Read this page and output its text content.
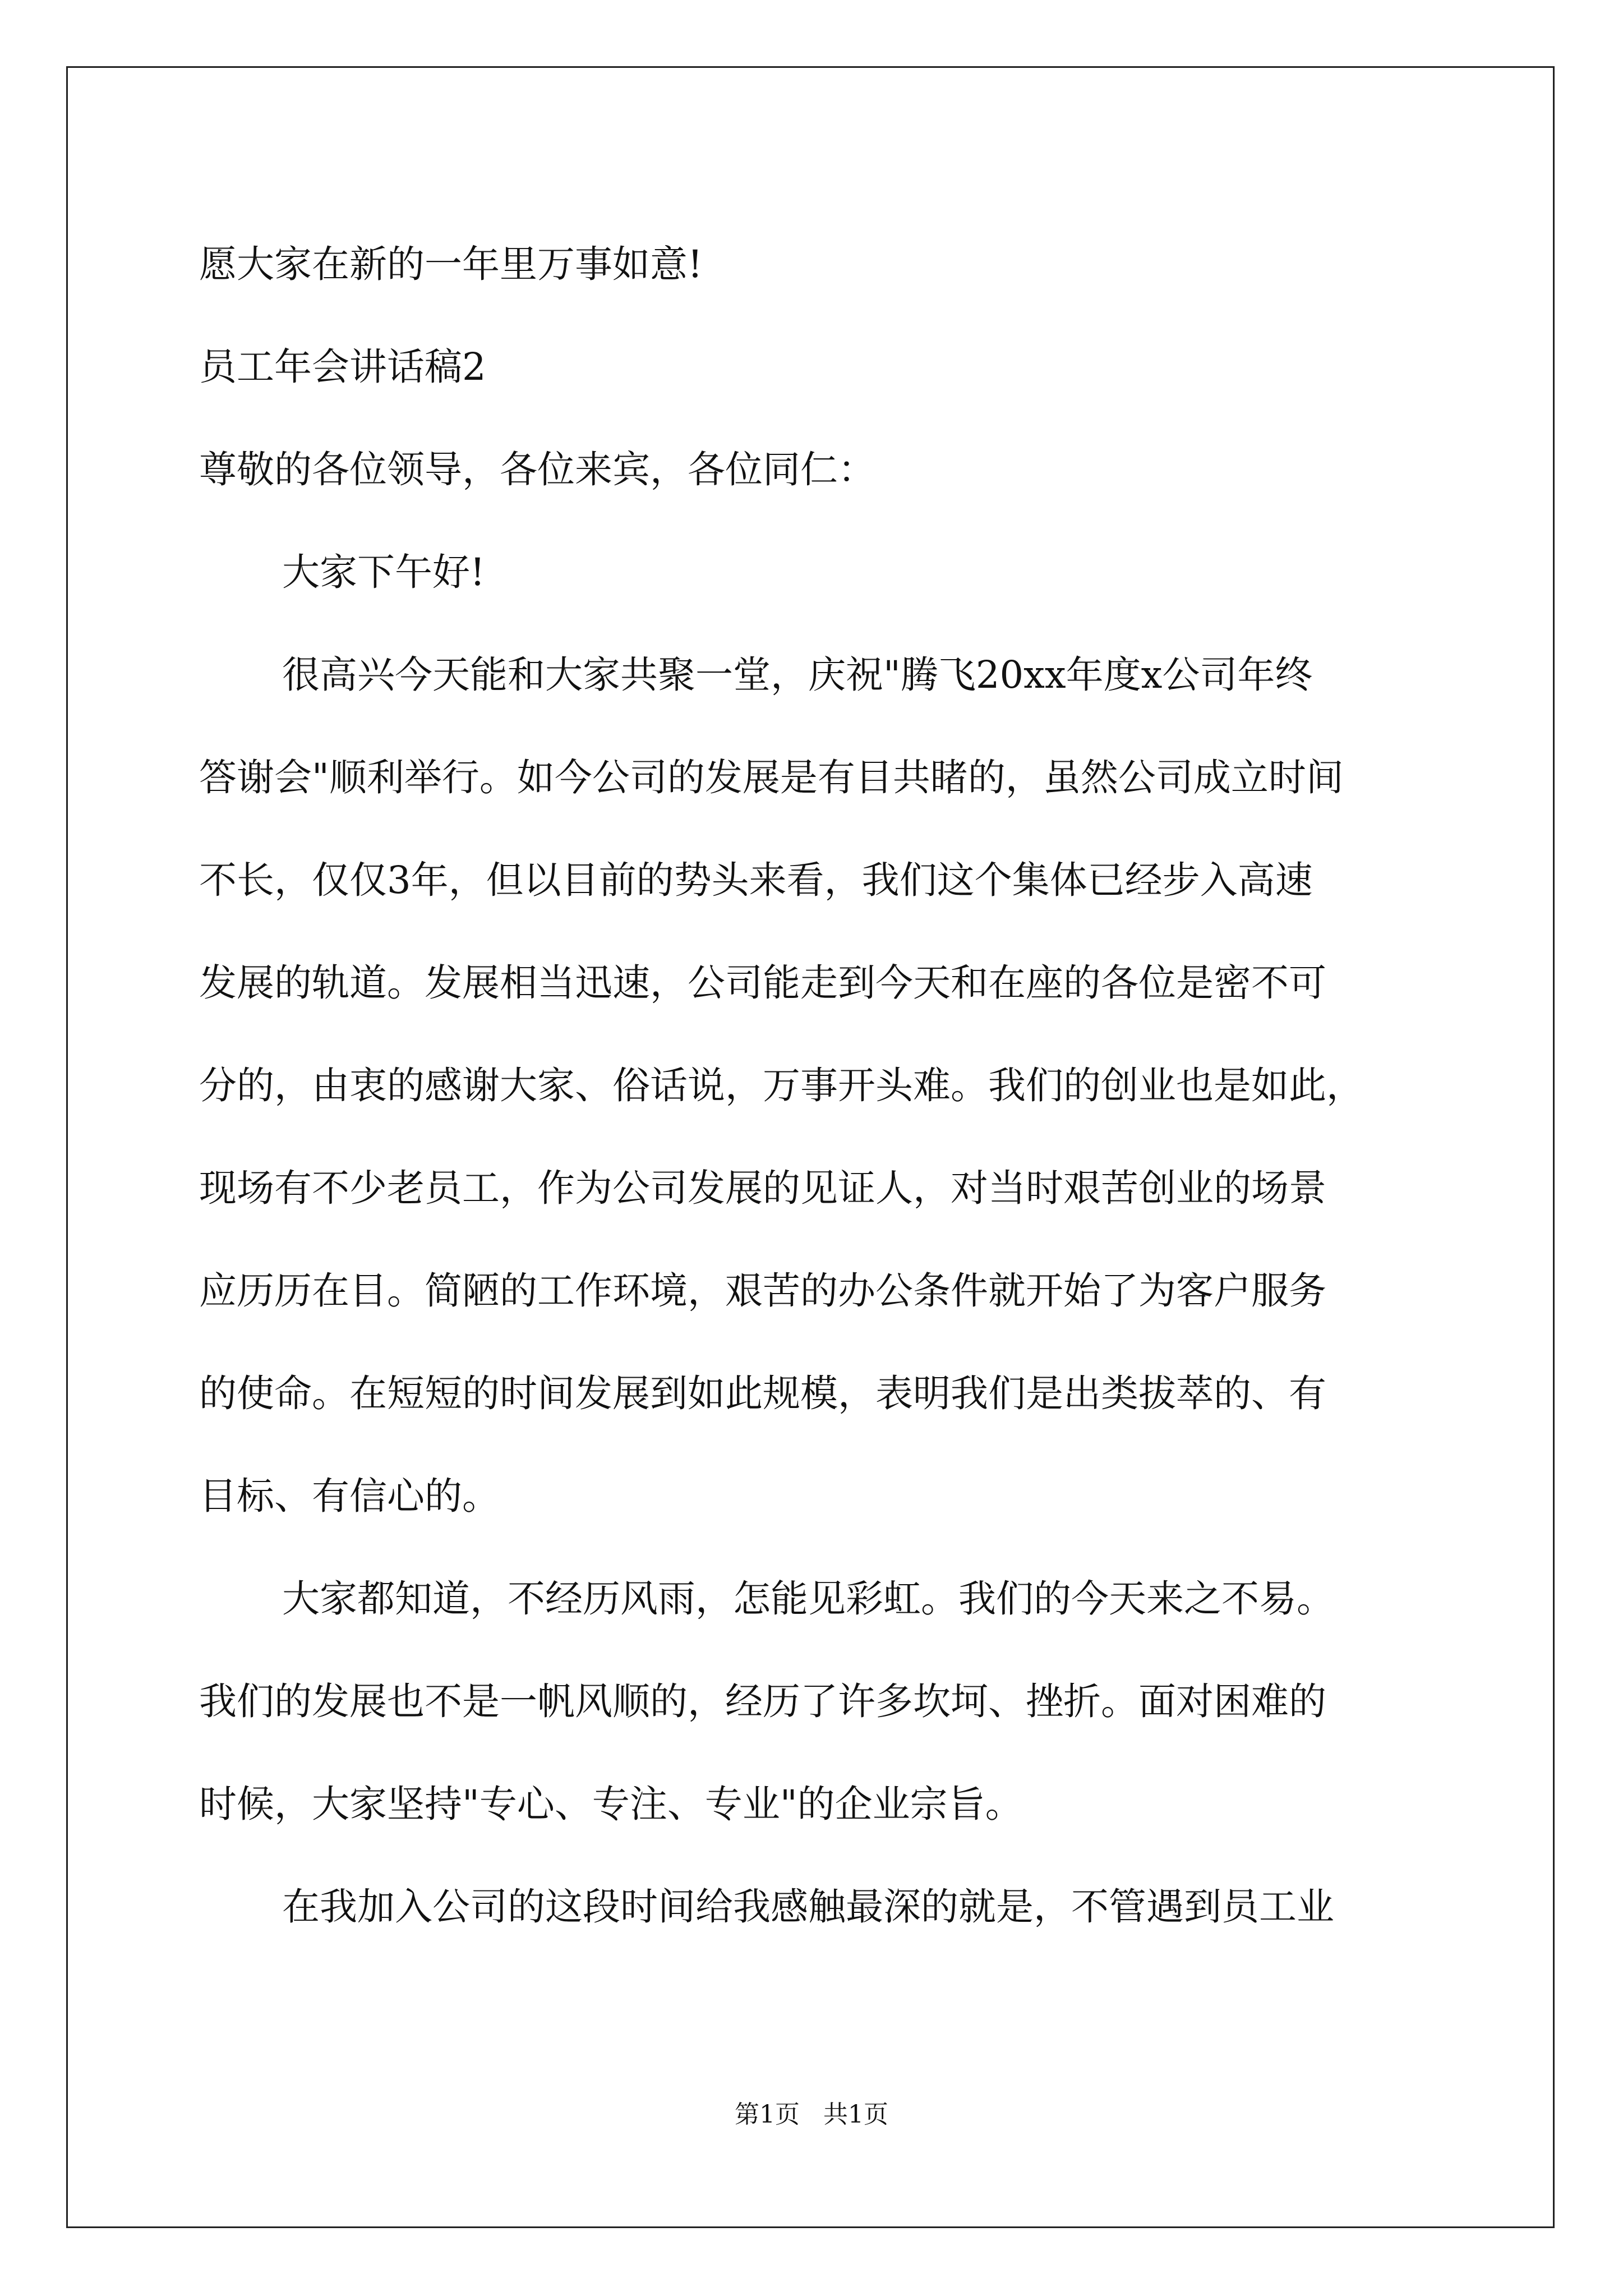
愿大家在新的一年里万事如意!
员工年会讲话稿2
尊敬的各位领导，各位来宾，各位同仁：
大家下午好!
很高兴今天能和大家共聚一堂，庆祝"腾飞20xx年度x公司年终
答谢会"顺利举行。如今公司的发展是有目共睹的，虽然公司成立时间
不长，仅仅3年，但以目前的势头来看，我们这个集体已经步入高速
发展的轨道。发展相当迅速，公司能走到今天和在座的各位是密不可
分的，由衷的感谢大家、俗话说，万事开头难。我们的创业也是如此，
现场有不少老员工，作为公司发展的见证人，对当时艰苦创业的场景
应历历在目。简陋的工作环境，艰苦的办公条件就开始了为客户服务
的使命。在短短的时间发展到如此规模，表明我们是出类拔萃的、有
目标、有信心的。
大家都知道，不经历风雨，怎能见彩虹。我们的今天来之不易。
我们的发展也不是一帆风顺的，经历了许多坎坷、挫折。面对困难的
时候，大家坚持"专心、专注、专业"的企业宗旨。
在我加入公司的这段时间给我感触最深的就是，不管遇到员工业
第1页   共1页
